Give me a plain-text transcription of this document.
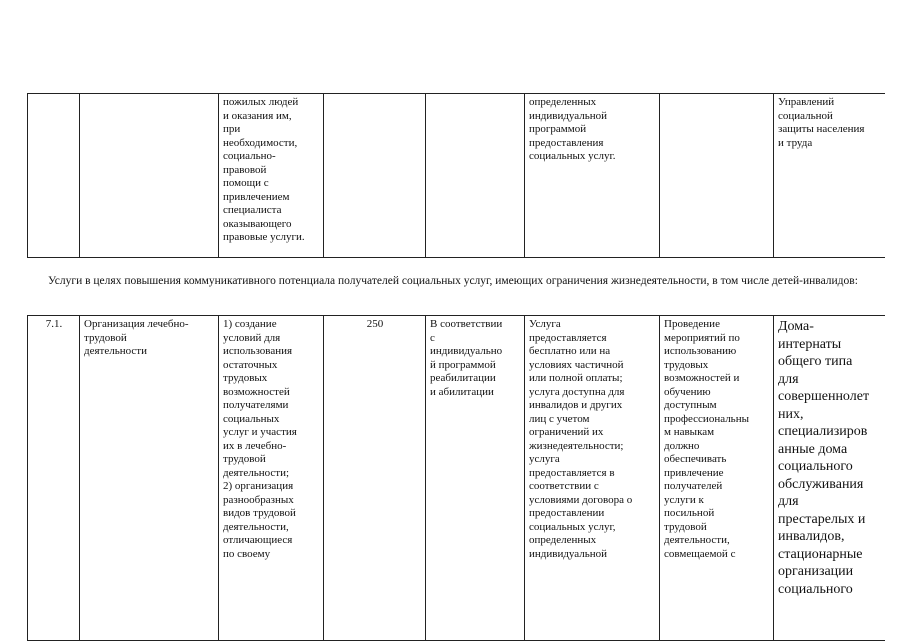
		пожилых людей
и оказания им,
при
необходимости,
социально-
правовой
помощи с
привлечением
специалиста
оказывающего
правовые услуги.			определенных
индивидуальной
программой
предоставления
социальных услуг.		Управлений
социальной
защиты населения
и труда
Услуги в целях повышения коммуникативного потенциала получателей социальных услуг, имеющих ограничения жизнедеятельности, в том числе детей-инвалидов:
7.1.	Организация лечебно-
трудовой
деятельности	1) создание
условий для
использования
остаточных
трудовых
возможностей
получателями
социальных
услуг и участия
их в лечебно-
трудовой
деятельности;
2) организация
разнообразных
видов трудовой
деятельности,
отличающиеся
по своему	250	В соответствии
с
индивидуально
й программой
реабилитации
и абилитации	Услуга
предоставляется
бесплатно или на
условиях частичной
или полной оплаты;
услуга доступна для
инвалидов и других
лиц с учетом
ограничений их
жизнедеятельности;
услуга
предоставляется в
соответствии с
условиями договора о
предоставлении
социальных услуг,
определенных
индивидуальной	Проведение
мероприятий по
использованию
трудовых
возможностей и
обучению
доступным
профессиональны
м навыкам
должно
обеспечивать
привлечение
получателей
услуги к
посильной
трудовой
деятельности,
совмещаемой с	Дома-
интернаты
общего типа
для
совершеннолет
них,
специализиров
анные дома
социального
обслуживания
для
престарелых и
инвалидов,
стационарные
организации
социального
